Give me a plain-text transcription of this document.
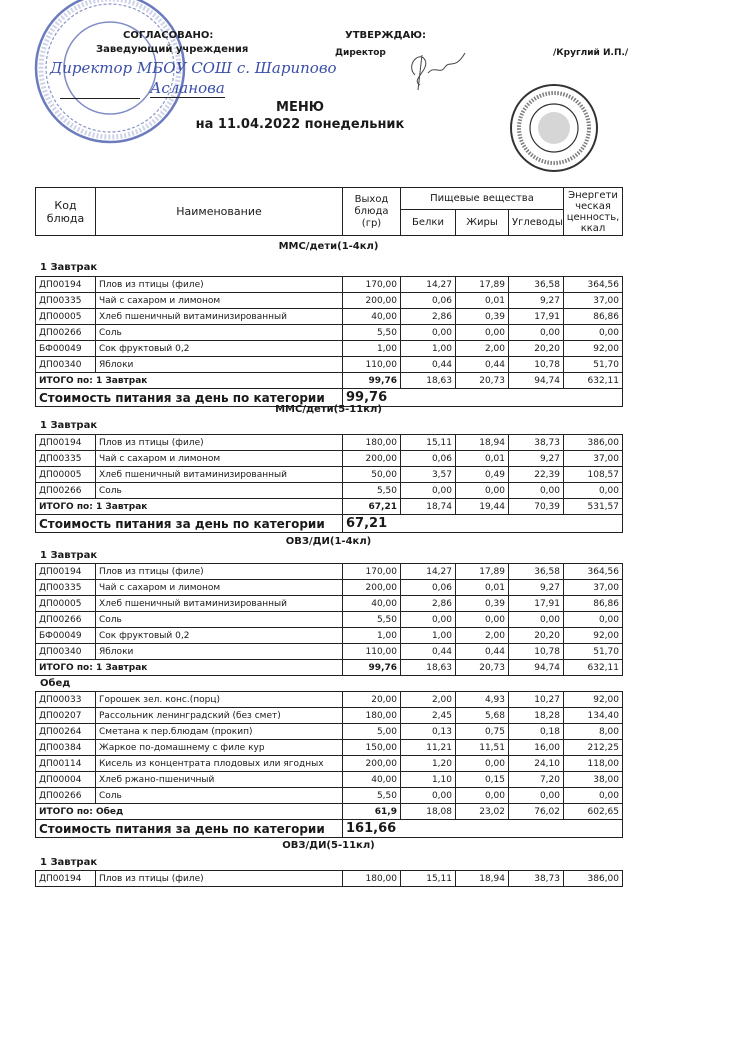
СОГЛАСОВАНО:
Заведующий учреждения
Директор МБОУ СОШ с. Шарипово
Асланова
УТВЕРЖДАЮ:
Директор	/Круглий И.П./
МЕНЮ
на 11.04.2022 понедельник
Код блюда	Наименование	Выход блюда (гр)	Пищевые вещества			Энергети ческая ценность, ккал
			Белки	Жиры	Углеводы	
ММС/дети(1-4кл)
1 Завтрак
ДП00194	Плов из птицы (филе)	170,00	14,27	17,89	36,58	364,56
ДП00335	Чай с сахаром и лимоном	200,00	0,06	0,01	9,27	37,00
ДП00005	Хлеб пшеничный витаминизированный	40,00	2,86	0,39	17,91	86,86
ДП00266	Соль	5,50	0,00	0,00	0,00	0,00
БФ00049	Сок фруктовый 0,2	1,00	1,00	2,00	20,20	92,00
ДП00340	Яблоки	110,00	0,44	0,44	10,78	51,70
ИТОГО по: 1 Завтрак		99,76	18,63	20,73	94,74	632,11
Стоимость питания за день по категории		99,76				
ММС/дети(5-11кл)
1 Завтрак
ДП00194	Плов из птицы (филе)	180,00	15,11	18,94	38,73	386,00
ДП00335	Чай с сахаром и лимоном	200,00	0,06	0,01	9,27	37,00
ДП00005	Хлеб пшеничный витаминизированный	50,00	3,57	0,49	22,39	108,57
ДП00266	Соль	5,50	0,00	0,00	0,00	0,00
ИТОГО по: 1 Завтрак		67,21	18,74	19,44	70,39	531,57
Стоимость питания за день по категории		67,21				
ОВЗ/ДИ(1-4кл)
1 Завтрак
ДП00194	Плов из птицы (филе)	170,00	14,27	17,89	36,58	364,56
ДП00335	Чай с сахаром и лимоном	200,00	0,06	0,01	9,27	37,00
ДП00005	Хлеб пшеничный витаминизированный	40,00	2,86	0,39	17,91	86,86
ДП00266	Соль	5,50	0,00	0,00	0,00	0,00
БФ00049	Сок фруктовый 0,2	1,00	1,00	2,00	20,20	92,00
ДП00340	Яблоки	110,00	0,44	0,44	10,78	51,70
ИТОГО по: 1 Завтрак		99,76	18,63	20,73	94,74	632,11
Обед
ДП00033	Горошек зел. конс.(порц)	20,00	2,00	4,93	10,27	92,00
ДП00207	Рассольник ленинградский (без смет)	180,00	2,45	5,68	18,28	134,40
ДП00264	Сметана к пер.блюдам (прокип)	5,00	0,13	0,75	0,18	8,00
ДП00384	Жаркое по-домашнему с филе кур	150,00	11,21	11,51	16,00	212,25
ДП00114	Кисель из концентрата плодовых или ягодных	200,00	1,20	0,00	24,10	118,00
ДП00004	Хлеб ржано-пшеничный	40,00	1,10	0,15	7,20	38,00
ДП00266	Соль	5,50	0,00	0,00	0,00	0,00
ИТОГО по: Обед		61,9	18,08	23,02	76,02	602,65
Стоимость питания за день по категории		161,66				
ОВЗ/ДИ(5-11кл)
1 Завтрак
ДП00194	Плов из птицы (филе)	180,00	15,11	18,94	38,73	386,00
